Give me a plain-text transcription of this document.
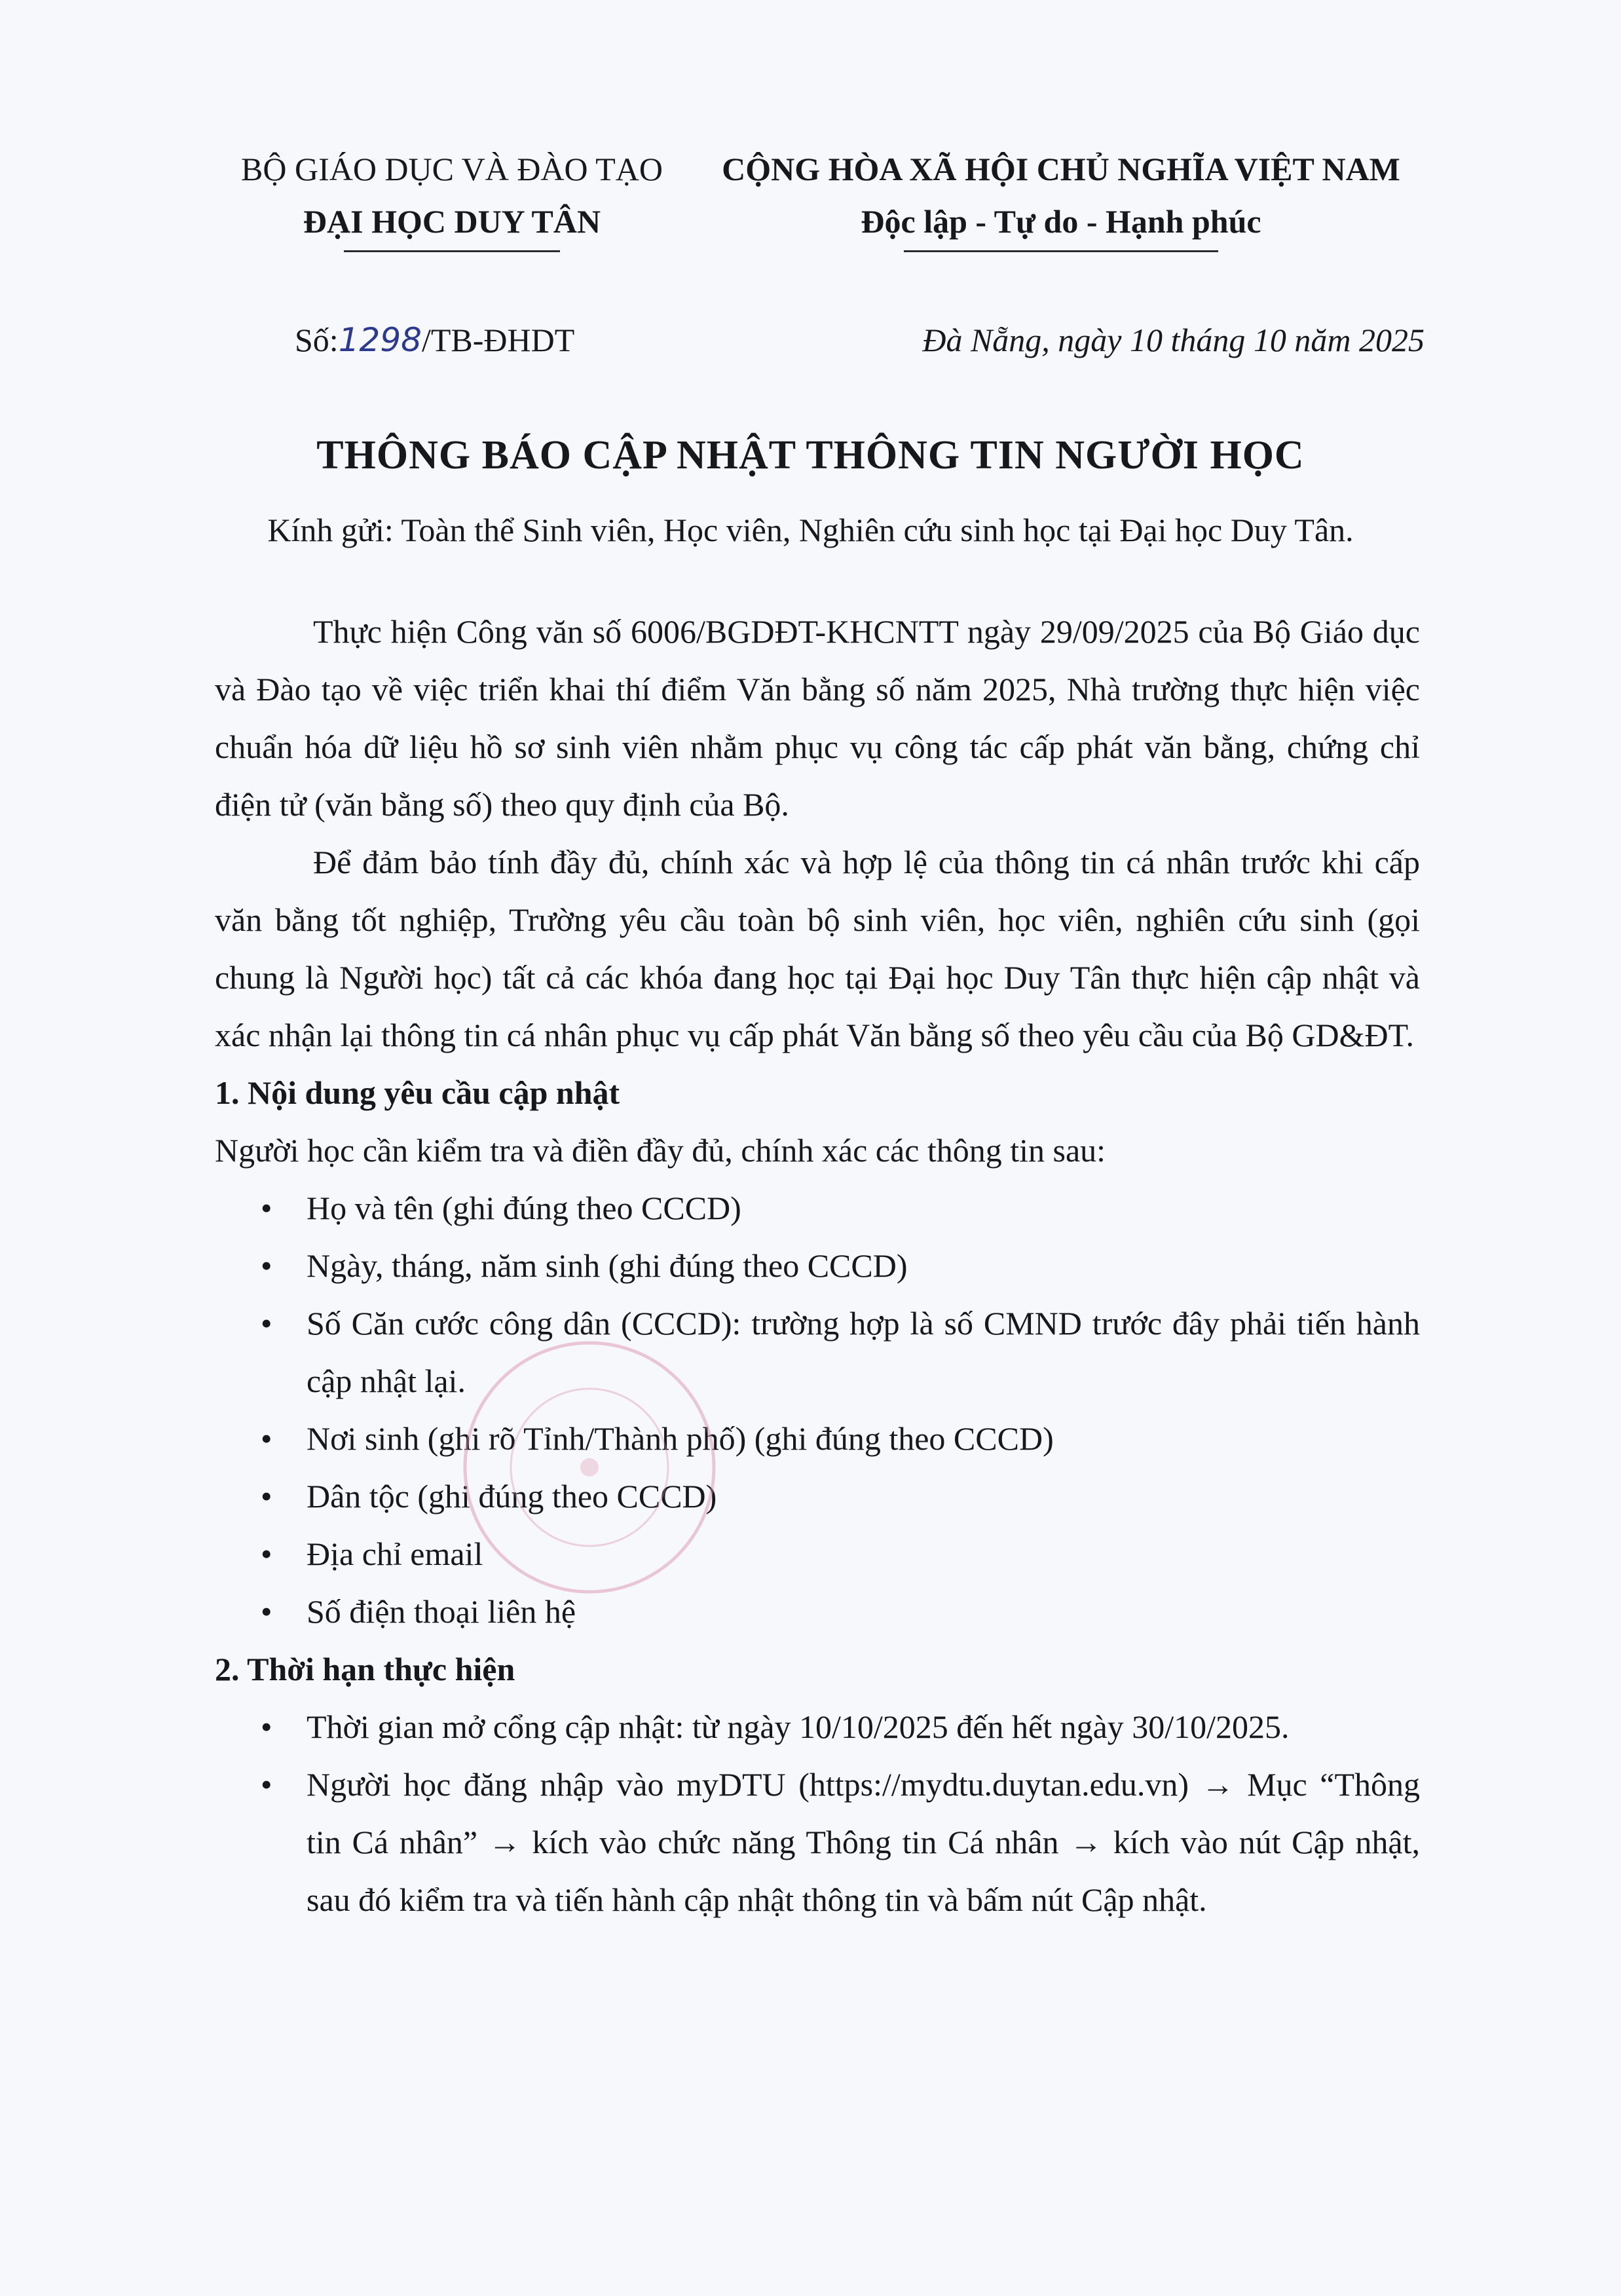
BỘ GIÁO DỤC VÀ ĐÀO TẠO
ĐẠI HỌC DUY TÂN
CỘNG HÒA XÃ HỘI CHỦ NGHĨA VIỆT NAM
Độc lập - Tự do - Hạnh phúc
Số:1298/TB-ĐHDT	Đà Nẵng, ngày 10 tháng 10 năm 2025
THÔNG BÁO CẬP NHẬT THÔNG TIN NGƯỜI HỌC
Kính gửi: Toàn thể Sinh viên, Học viên, Nghiên cứu sinh học tại Đại học Duy Tân.

Thực hiện Công văn số 6006/BGDĐT-KHCNTT ngày 29/09/2025 của Bộ Giáo dục và Đào tạo về việc triển khai thí điểm Văn bằng số năm 2025, Nhà trường thực hiện việc chuẩn hóa dữ liệu hồ sơ sinh viên nhằm phục vụ công tác cấp phát văn bằng, chứng chỉ điện tử (văn bằng số) theo quy định của Bộ.

Để đảm bảo tính đầy đủ, chính xác và hợp lệ của thông tin cá nhân trước khi cấp văn bằng tốt nghiệp, Trường yêu cầu toàn bộ sinh viên, học viên, nghiên cứu sinh (gọi chung là Người học) tất cả các khóa đang học tại Đại học Duy Tân thực hiện cập nhật và xác nhận lại thông tin cá nhân phục vụ cấp phát Văn bằng số theo yêu cầu của Bộ GD&ĐT.

1. Nội dung yêu cầu cập nhật

Người học cần kiểm tra và điền đầy đủ, chính xác các thông tin sau:

• Họ và tên (ghi đúng theo CCCD)
• Ngày, tháng, năm sinh (ghi đúng theo CCCD)
• Số Căn cước công dân (CCCD): trường hợp là số CMND trước đây phải tiến hành cập nhật lại.
• Nơi sinh (ghi rõ Tỉnh/Thành phố) (ghi đúng theo CCCD)
• Dân tộc (ghi đúng theo CCCD)
• Địa chỉ email
• Số điện thoại liên hệ

2. Thời hạn thực hiện

• Thời gian mở cổng cập nhật: từ ngày 10/10/2025 đến hết ngày 30/10/2025.
• Người học đăng nhập vào myDTU (https://mydtu.duytan.edu.vn) → Mục “Thông tin Cá nhân” → kích vào chức năng Thông tin Cá nhân → kích vào nút Cập nhật, sau đó kiểm tra và tiến hành cập nhật thông tin và bấm nút Cập nhật.
